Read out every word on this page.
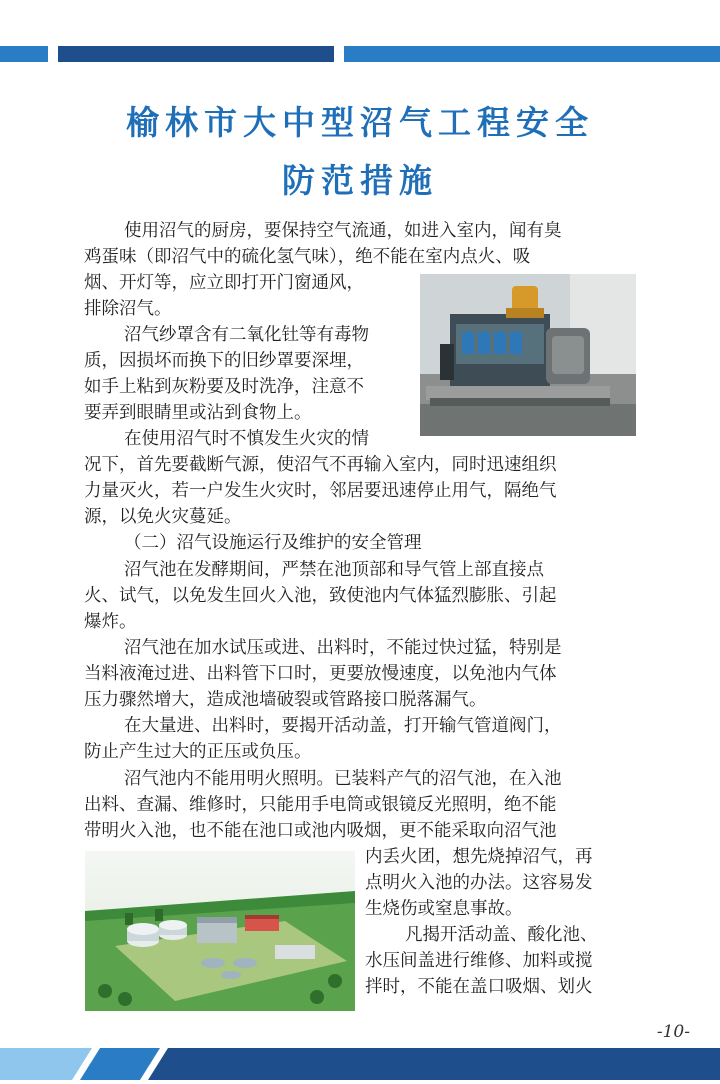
榆林市大中型沼气工程安全
防范措施
使用沼气的厨房，要保持空气流通，如进入室内，闻有臭
鸡蛋味（即沼气中的硫化氢气味），绝不能在室内点火、吸
烟、开灯等，应立即打开门窗通风，
排除沼气。
沼气纱罩含有二氧化钍等有毒物
质，因损坏而换下的旧纱罩要深埋，
如手上粘到灰粉要及时洗净，注意不
要弄到眼睛里或沾到食物上。
在使用沼气时不慎发生火灾的情
况下，首先要截断气源，使沼气不再输入室内，同时迅速组织
力量灭火，若一户发生火灾时，邻居要迅速停止用气，隔绝气
源，以免火灾蔓延。
（二）沼气设施运行及维护的安全管理
沼气池在发酵期间，严禁在池顶部和导气管上部直接点
火、试气，以免发生回火入池，致使池内气体猛烈膨胀、引起
爆炸。
沼气池在加水试压或进、出料时，不能过快过猛，特别是
当料液淹过进、出料管下口时，更要放慢速度，以免池内气体
压力骤然增大，造成池墙破裂或管路接口脱落漏气。
在大量进、出料时，要揭开活动盖，打开输气管道阀门，
防止产生过大的正压或负压。
沼气池内不能用明火照明。已装料产气的沼气池，在入池
出料、查漏、维修时，只能用手电筒或银镜反光照明，绝不能
带明火入池，也不能在池口或池内吸烟，更不能采取向沼气池
内丢火团，想先烧掉沼气，再
点明火入池的办法。这容易发
生烧伤或窒息事故。
凡揭开活动盖、酸化池、
水压间盖进行维修、加料或搅
拌时，不能在盖口吸烟、划火
-10-
